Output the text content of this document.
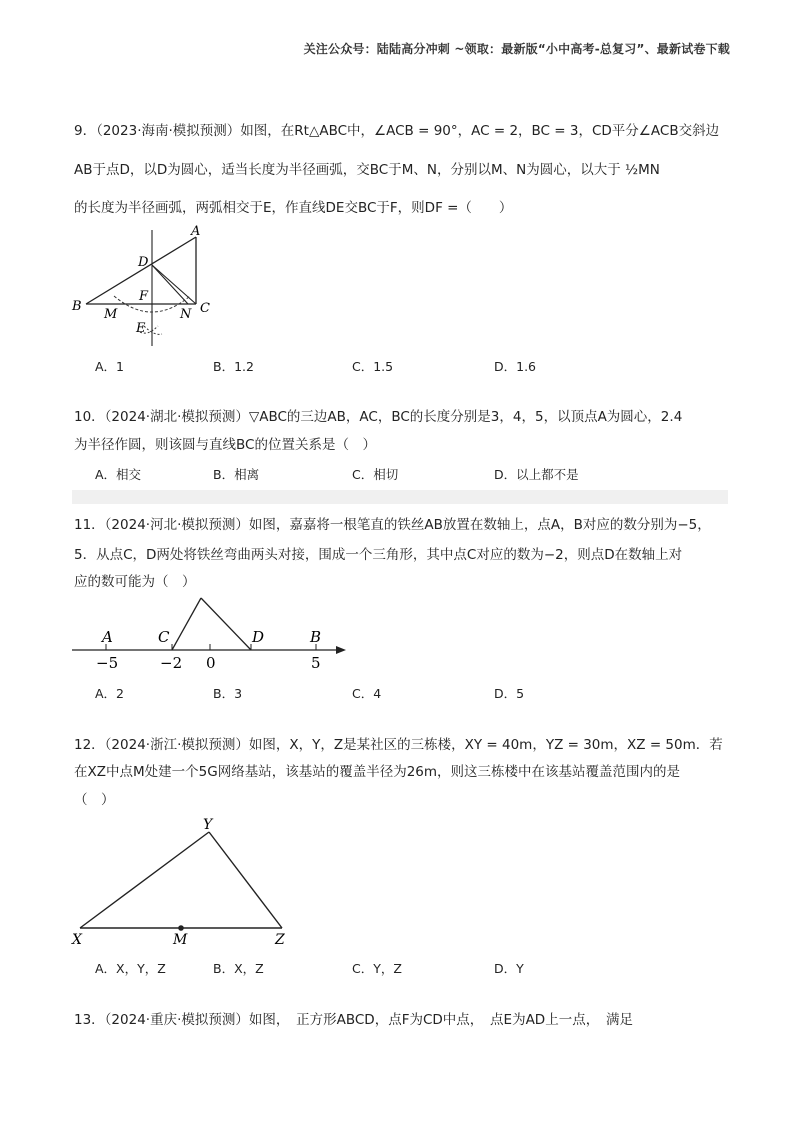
关注公众号：陆陆高分冲刺 ~领取：最新版“小中高考-总复习”、最新试卷下载
9．（2023·海南·模拟预测）如图，在Rt△ABC中，∠ACB = 90°，AC = 2，BC = 3，CD平分∠ACB交斜边
AB于点D，以D为圆心，适当长度为半径画弧，交BC于M、N，分别以M、N为圆心，以大于 ½MN
的长度为半径画弧，两弧相交于E，作直线DE交BC于F，则DF =（　　）
A
B	C
D
E
F
M	N
A．1	B．1.2	C．1.5	D．1.6
10．（2024·湖北·模拟预测）▽ABC的三边AB，AC，BC的长度分别是3，4，5，以顶点A为圆心，2.4
为半径作圆，则该圆与直线BC的位置关系是（　）
A．相交	B．相离	C．相切	D．以上都不是
11．（2024·河北·模拟预测）如图，嘉嘉将一根笔直的铁丝AB放置在数轴上，点A，B对应的数分别为−5，
5．从点C，D两处将铁丝弯曲两头对接，围成一个三角形，其中点C对应的数为−2，则点D在数轴上对
应的数可能为（　）
A	C	D	B
−5	−2 0	5
A．2	B．3	C．4	D．5
12．（2024·浙江·模拟预测）如图，X，Y，Z是某社区的三栋楼，XY = 40m，YZ = 30m，XZ = 50m．若
在XZ中点M处建一个5G网络基站，该基站的覆盖半径为26m，则这三栋楼中在该基站覆盖范围内的是
（　）
X
Y
Z
M
A．X，Y，Z	B．X，Z	C．Y，Z	D．Y
13．（2024·重庆·模拟预测）如图，　正方形ABCD，点F为CD中点，　点E为AD上一点，　满足
